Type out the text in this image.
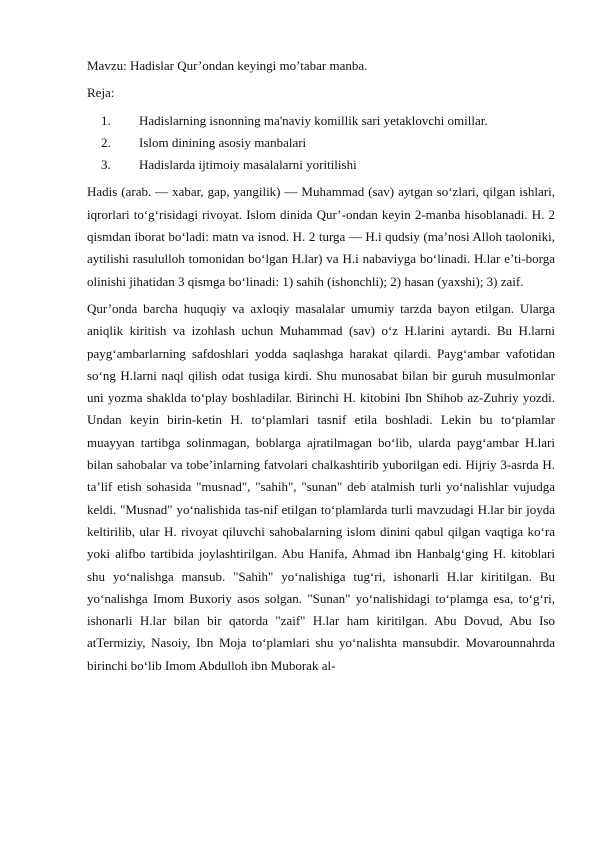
Mavzu: Hadislar Qur’ondan keyingi mo’tabar manba.
Reja:
1.	Hadislarning isnonning ma'naviy komillik sari yetaklovchi omillar.
2.	Islom dinining asosiy manbalari
3.	Hadislarda ijtimoiy masalalarni yoritilishi

Hadis (arab. — xabar, gap, yangilik) — Muhammad (sav) aytgan soʻzlari, qilgan ishlari, iqrorlari toʻgʻrisidagi rivoyat. Islom dinida Qur’-ondan keyin 2-manba hisoblanadi. H. 2 qismdan iborat boʻladi: matn va isnod. H. 2 turga — H.i qudsiy (ma’nosi Alloh taoloniki, aytilishi rasululloh tomonidan boʻlgan H.lar) va H.i nabaviyga boʻlinadi. H.lar e’ti-borga olinishi jihatidan 3 qismga boʻlinadi: 1) sahih (ishonchli); 2) hasan (yaxshi); 3) zaif.

Qur’onda barcha huquqiy va axloqiy masalalar umumiy tarzda bayon etilgan. Ularga aniqlik kiritish va izohlash uchun Muhammad (sav) oʻz H.larini aytardi. Bu H.larni paygʻambarlarning safdoshlari yodda saqlashga harakat qilardi. Paygʻambar vafotidan soʻng H.larni naql qilish odat tusiga kirdi. Shu munosabat bilan bir guruh musulmonlar uni yozma shaklda toʻplay boshladilar. Birinchi H. kitobini Ibn Shihob az-Zuhriy yozdi. Undan keyin birin-ketin H. toʻplamlari tasnif etila boshladi. Lekin bu toʻplamlar muayyan tartibga solinmagan, boblarga ajratilmagan boʻlib, ularda paygʻambar H.lari bilan sahobalar va tobe’inlarning fatvolari chalkashtirib yuborilgan edi. Hijriy 3-asrda H. ta’lif etish sohasida "musnad", "sahih", "sunan" deb atalmish turli yoʻnalishlar vujudga keldi. "Musnad" yoʻnalishida tas-nif etilgan toʻplamlarda turli mavzudagi H.lar bir joyda keltirilib, ular H. rivoyat qiluvchi sahobalarning islom dinini qabul qilgan vaqtiga koʻra yoki alifbo tartibida joylashtirilgan. Abu Hanifa, Ahmad ibn Hanbalgʻging H. kitoblari shu yoʻnalishga mansub. "Sahih" yoʻnalishiga tugʻri, ishonarli H.lar kiritilgan. Bu yoʻnalishga Imom Buxoriy asos solgan. "Sunan" yoʻnalishidagi toʻplamga esa, toʻgʻri, ishonarli H.lar bilan bir qatorda "zaif" H.lar ham kiritilgan. Abu Dovud, Abu Iso atTermiziy, Nasoiy, Ibn Moja toʻplamlari shu yoʻnalishta mansubdir. Movarounnahrda birinchi boʻlib Imom Abdulloh ibn Muborak al-
